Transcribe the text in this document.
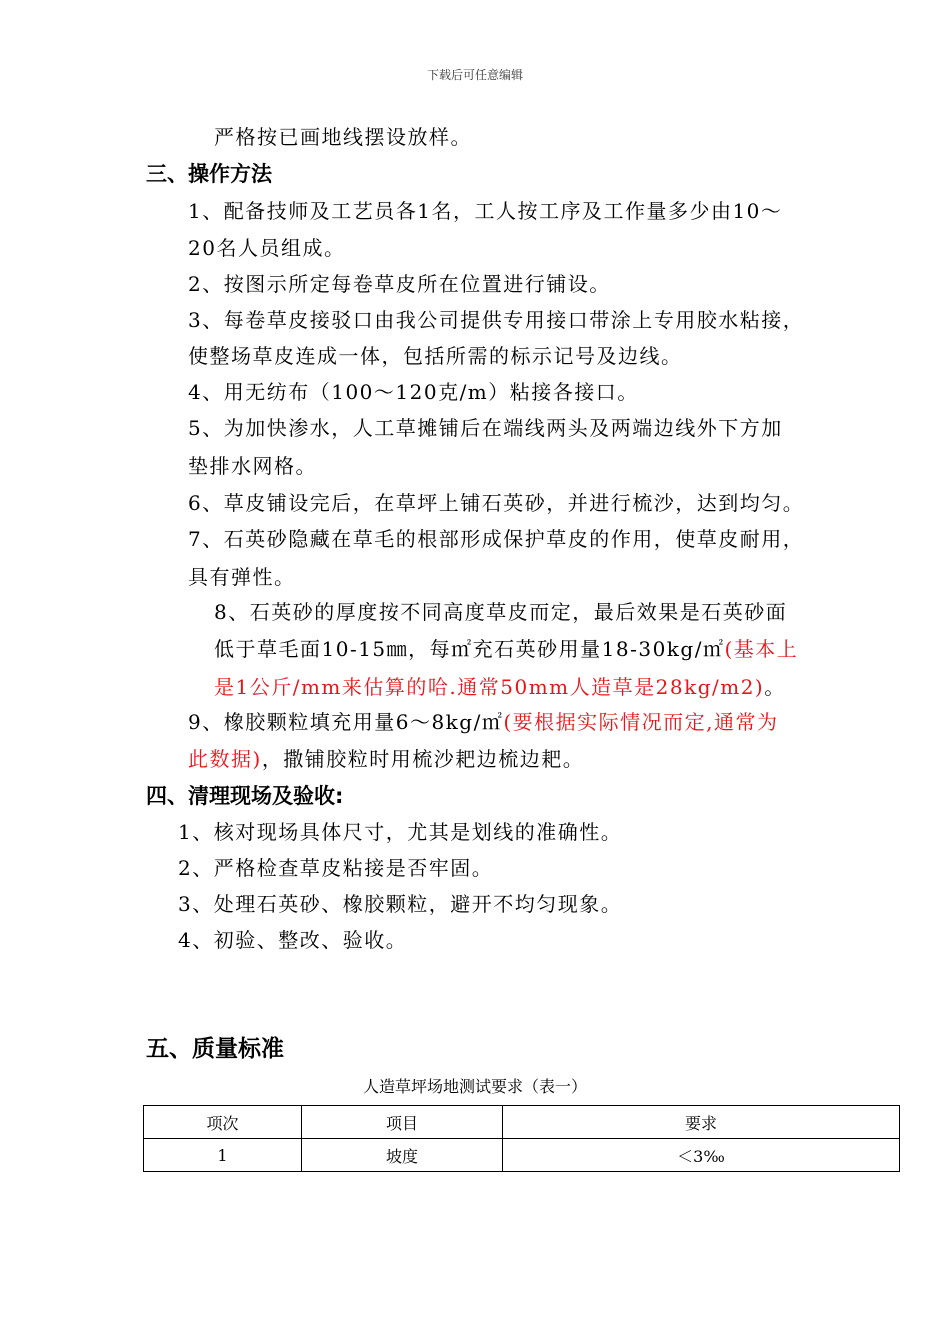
下载后可任意编辑
严格按已画地线摆设放样。
三、操作方法
1、配备技师及工艺员各1名，工人按工序及工作量多少由10～
20名人员组成。
2、按图示所定每卷草皮所在位置进行铺设。
3、每卷草皮接驳口由我公司提供专用接口带涂上专用胶水粘接，
使整场草皮连成一体，包括所需的标示记号及边线。
4、用无纺布（100～120克/m）粘接各接口。
5、为加快渗水，人工草摊铺后在端线两头及两端边线外下方加
垫排水网格。
6、草皮铺设完后，在草坪上铺石英砂，并进行梳沙，达到均匀。
7、石英砂隐藏在草毛的根部形成保护草皮的作用，使草皮耐用，
具有弹性。
8、石英砂的厚度按不同高度草皮而定，最后效果是石英砂面
低于草毛面10-15㎜，每㎡充石英砂用量18-30kg/㎡(基本上
是1公斤/mm来估算的哈.通常50mm人造草是28kg/m2)。
9、橡胶颗粒填充用量6～8kg/㎡(要根据实际情况而定,通常为
此数据)，撒铺胶粒时用梳沙耙边梳边耙。
四、清理现场及验收:
1、核对现场具体尺寸，尤其是划线的准确性。
2、严格检查草皮粘接是否牢固。
3、处理石英砂、橡胶颗粒，避开不均匀现象。
4、初验、整改、验收。
五、质量标准
人造草坪场地测试要求（表一）
项次	项目	要求
1	坡度	＜3‰
